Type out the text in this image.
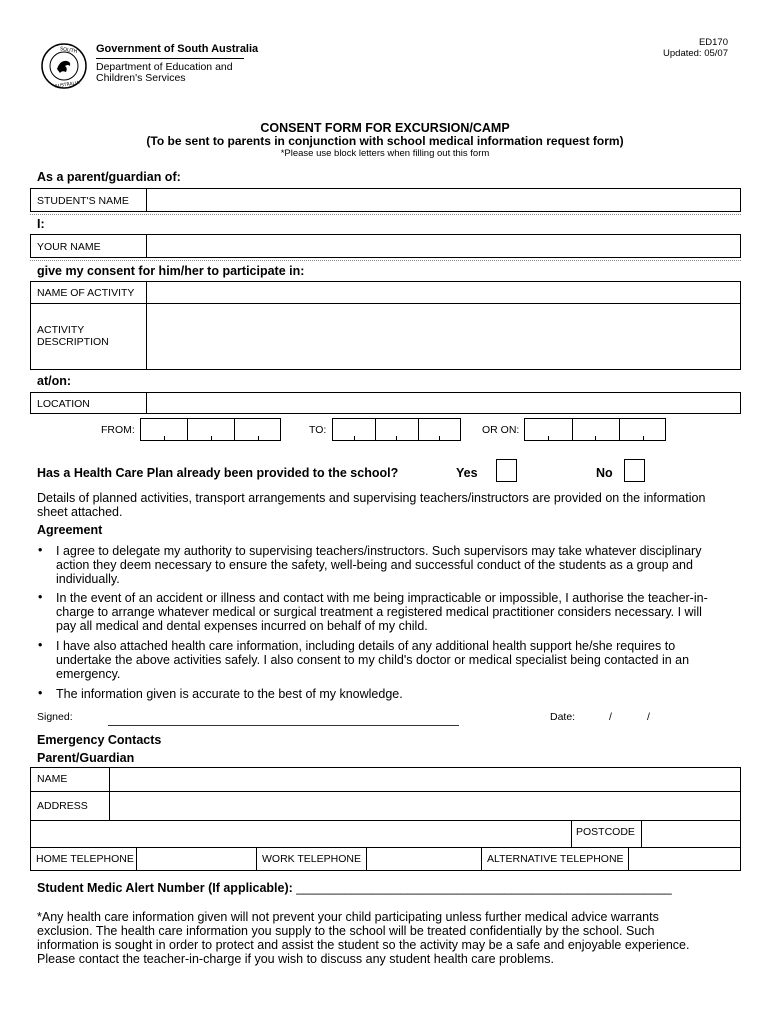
SOUTH
AUSTRALIA
Government of South Australia
Department of Education and
Children's Services
ED170
Updated: 05/07
CONSENT FORM FOR EXCURSION/CAMP
(To be sent to parents in conjunction with school medical information request form)
*Please use block letters when filling out this form
As a parent/guardian of:
STUDENT'S NAME
I:
YOUR NAME
give my consent for him/her to participate in:
NAME OF ACTIVITY
ACTIVITY
DESCRIPTION
at/on:
LOCATION
FROM:	TO:	OR ON:
Has a Health Care Plan already been provided to the school?	Yes	No
Details of planned activities, transport arrangements and supervising teachers/instructors are provided on the information
sheet attached.
Agreement
• I agree to delegate my authority to supervising teachers/instructors. Such supervisors may take whatever disciplinary
action they deem necessary to ensure the safety, well-being and successful conduct of the students as a group and
individually.
• In the event of an accident or illness and contact with me being impracticable or impossible, I authorise the teacher-in-
charge to arrange whatever medical or surgical treatment a registered medical practitioner considers necessary. I will
pay all medical and dental expenses incurred on behalf of my child.
• I have also attached health care information, including details of any additional health support he/she requires to
undertake the above activities safely. I also consent to my child's doctor or medical specialist being contacted in an
emergency.
• The information given is accurate to the best of my knowledge.
Signed:	Date:	/	/
Emergency Contacts
Parent/Guardian
NAME
ADDRESS
POSTCODE
HOME TELEPHONE	WORK TELEPHONE	ALTERNATIVE TELEPHONE
Student Medic Alert Number (If applicable): ______________________________________________________
*Any health care information given will not prevent your child participating unless further medical advice warrants
exclusion. The health care information you supply to the school will be treated confidentially by the school. Such
information is sought in order to protect and assist the student so the activity may be a safe and enjoyable experience.
Please contact the teacher-in-charge if you wish to discuss any student health care problems.
